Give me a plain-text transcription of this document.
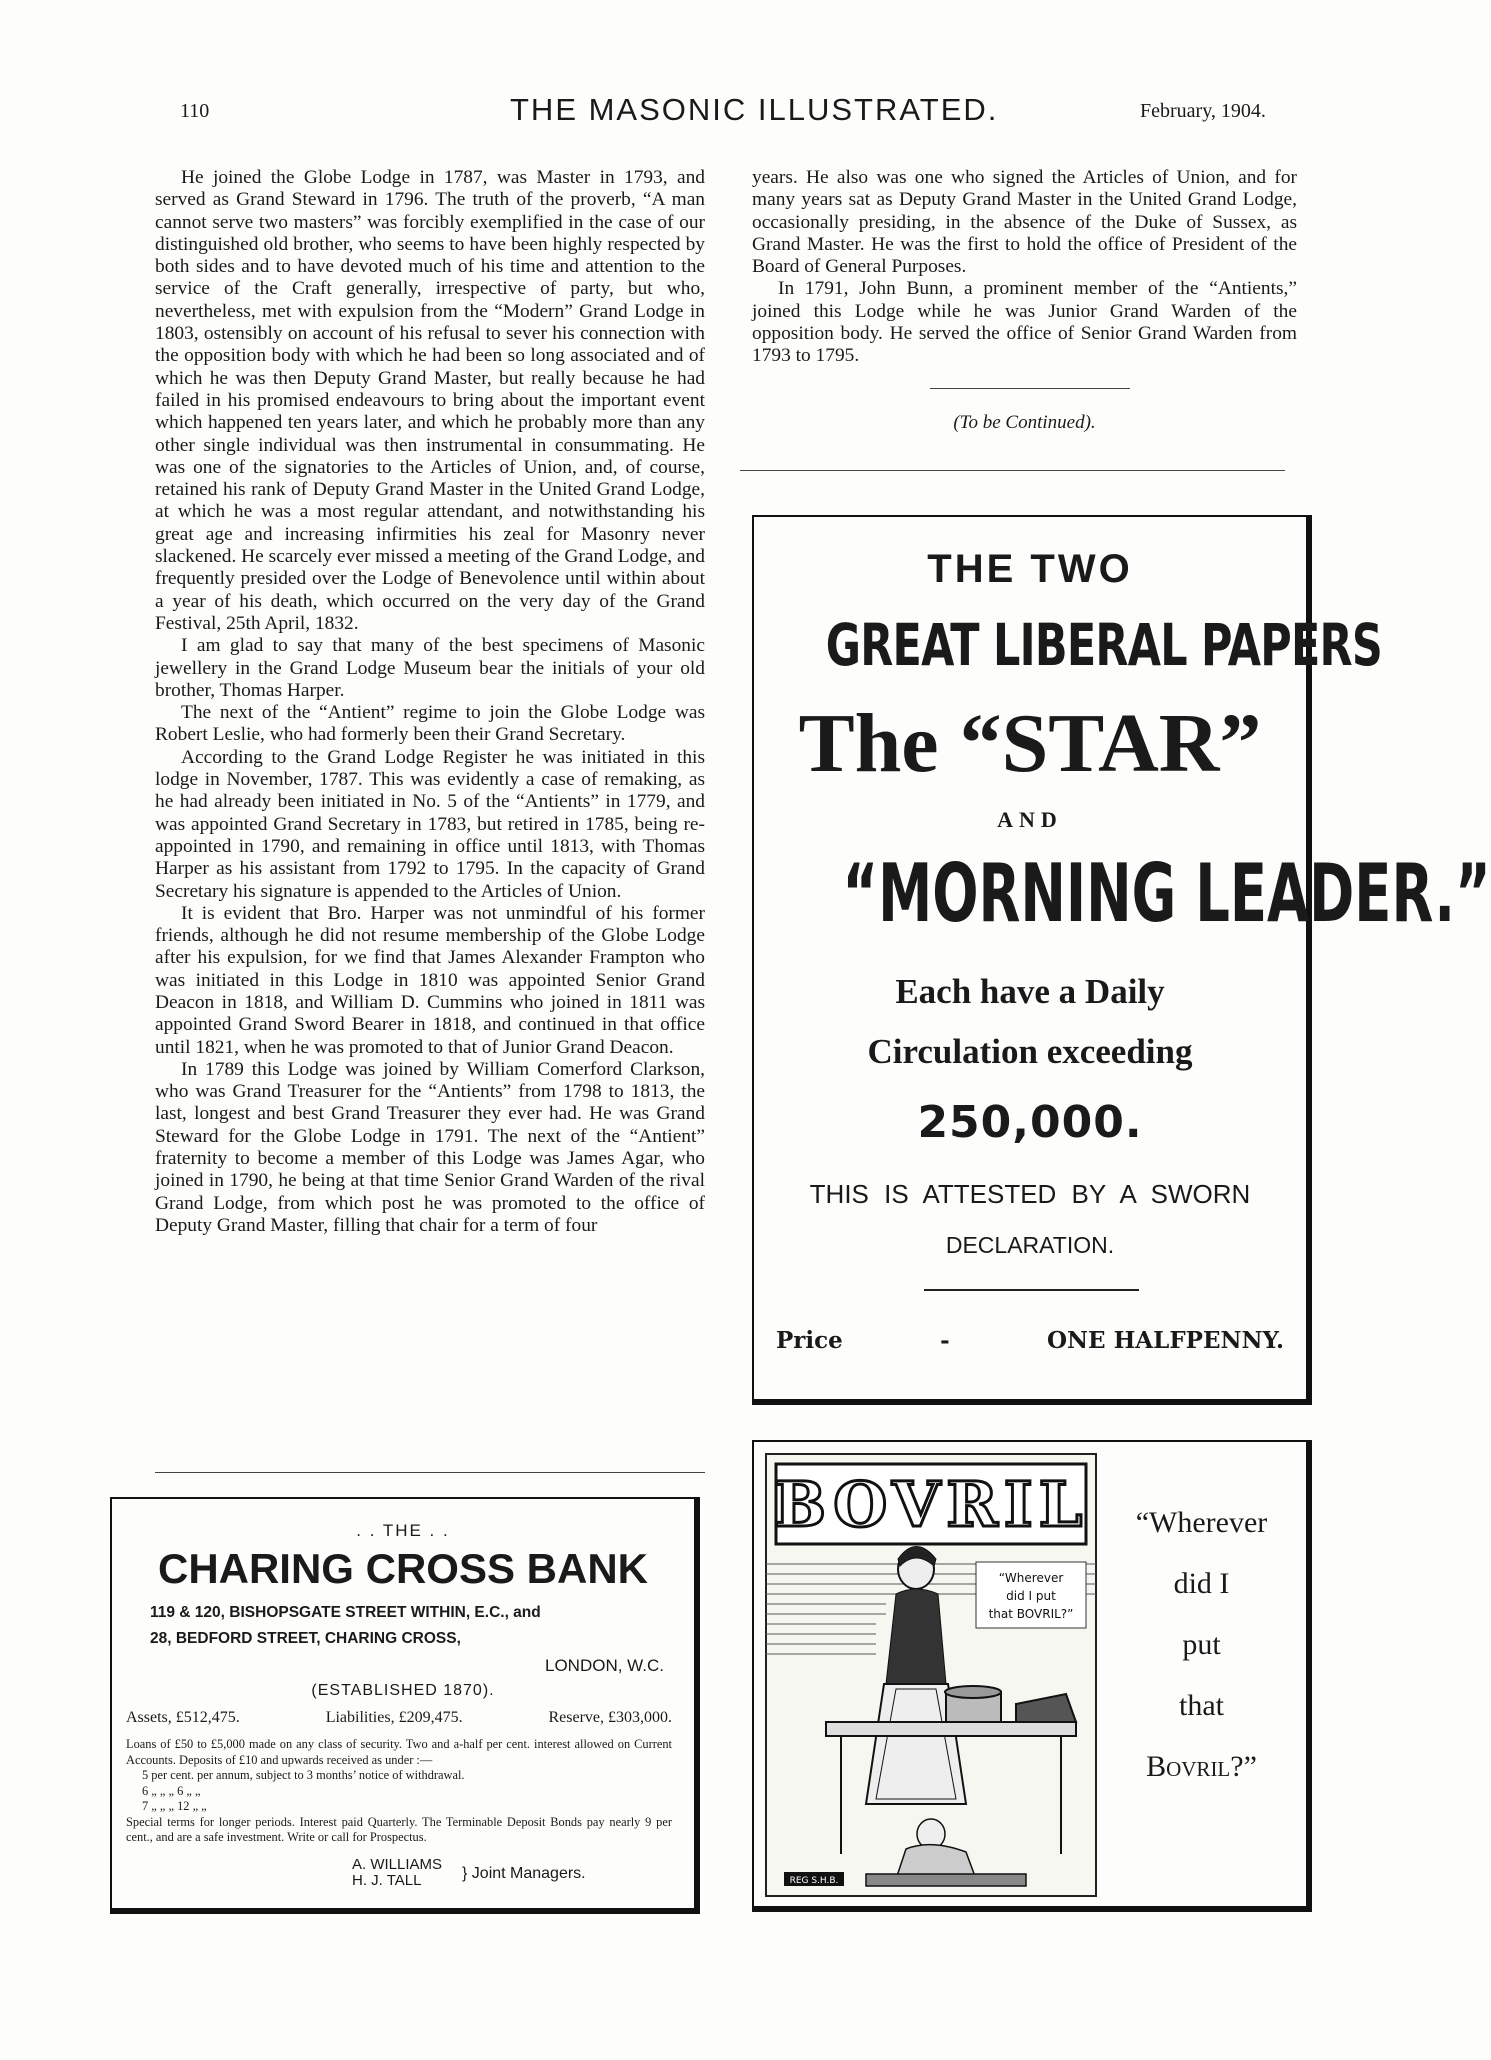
110	THE MASONIC ILLUSTRATED.	February, 1904.

He joined the Globe Lodge in 1787, was Master in 1793, and served as Grand Steward in 1796. The truth of the proverb, “A man cannot serve two masters” was forcibly exemplified in the case of our distinguished old brother, who seems to have been highly respected by both sides and to have devoted much of his time and attention to the service of the Craft generally, irrespective of party, but who, nevertheless, met with expulsion from the “Modern” Grand Lodge in 1803, ostensibly on account of his refusal to sever his connection with the opposition body with which he had been so long associated and of which he was then Deputy Grand Master, but really because he had failed in his promised endeavours to bring about the important event which happened ten years later, and which he probably more than any other single individual was then instrumental in consummating. He was one of the signatories to the Articles of Union, and, of course, retained his rank of Deputy Grand Master in the United Grand Lodge, at which he was a most regular attendant, and notwithstanding his great age and increasing infirmities his zeal for Masonry never slackened. He scarcely ever missed a meeting of the Grand Lodge, and frequently presided over the Lodge of Benevolence until within about a year of his death, which occurred on the very day of the Grand Festival, 25th April, 1832.

I am glad to say that many of the best specimens of Masonic jewellery in the Grand Lodge Museum bear the initials of your old brother, Thomas Harper.

The next of the “Antient” regime to join the Globe Lodge was Robert Leslie, who had formerly been their Grand Secretary.

According to the Grand Lodge Register he was initiated in this lodge in November, 1787. This was evidently a case of remaking, as he had already been initiated in No. 5 of the “Antients” in 1779, and was appointed Grand Secretary in 1783, but retired in 1785, being re-appointed in 1790, and remaining in office until 1813, with Thomas Harper as his assistant from 1792 to 1795. In the capacity of Grand Secretary his signature is appended to the Articles of Union.

It is evident that Bro. Harper was not unmindful of his former friends, although he did not resume membership of the Globe Lodge after his expulsion, for we find that James Alexander Frampton who was initiated in this Lodge in 1810 was appointed Senior Grand Deacon in 1818, and William D. Cummins who joined in 1811 was appointed Grand Sword Bearer in 1818, and continued in that office until 1821, when he was promoted to that of Junior Grand Deacon.

In 1789 this Lodge was joined by William Comerford Clarkson, who was Grand Treasurer for the “Antients” from 1798 to 1813, the last, longest and best Grand Treasurer they ever had. He was Grand Steward for the Globe Lodge in 1791. The next of the “Antient” fraternity to become a member of this Lodge was James Agar, who joined in 1790, he being at that time Senior Grand Warden of the rival Grand Lodge, from which post he was promoted to the office of Deputy Grand Master, filling that chair for a term of four

years. He also was one who signed the Articles of Union, and for many years sat as Deputy Grand Master in the United Grand Lodge, occasionally presiding, in the absence of the Duke of Sussex, as Grand Master. He was the first to hold the office of President of the Board of General Purposes.

In 1791, John Bunn, a prominent member of the “Antients,” joined this Lodge while he was Junior Grand Warden of the opposition body. He served the office of Senior Grand Warden from 1793 to 1795.

(To be Continued).
THE TWO
GREAT LIBERAL PAPERS
The “STAR”
AND
“MORNING LEADER.”
Each have a Daily
Circulation exceeding
250,000.
THIS IS ATTESTED BY A SWORN
DECLARATION.
Price	-	ONE HALFPENNY.
BOVRIL
“Wherever
did I put
that BOVRIL?”
REG S.H.B.
“Wherever
did I
put
that
Bovril?”
. . THE . .
CHARING CROSS BANK
119 & 120, BISHOPSGATE STREET WITHIN, E.C., and
28, BEDFORD STREET, CHARING CROSS,
LONDON, W.C.
(ESTABLISHED 1870).
Assets, £512,475.	Liabilities, £209,475.	Reserve, £303,000.

Loans of £50 to £5,000 made on any class of security. Two and a-half per cent. interest allowed on Current Accounts. Deposits of £10 and upwards received as under :—

5 per cent. per annum, subject to 3 months’ notice of withdrawal.

6 „ „ „ 6 „ „

7 „ „ „ 12 „ „

Special terms for longer periods. Interest paid Quarterly. The Terminable Deposit Bonds pay nearly 9 per cent., and are a safe investment. Write or call for Prospectus.

A. WILLIAMS
H. J. TALL	} Joint Managers.
